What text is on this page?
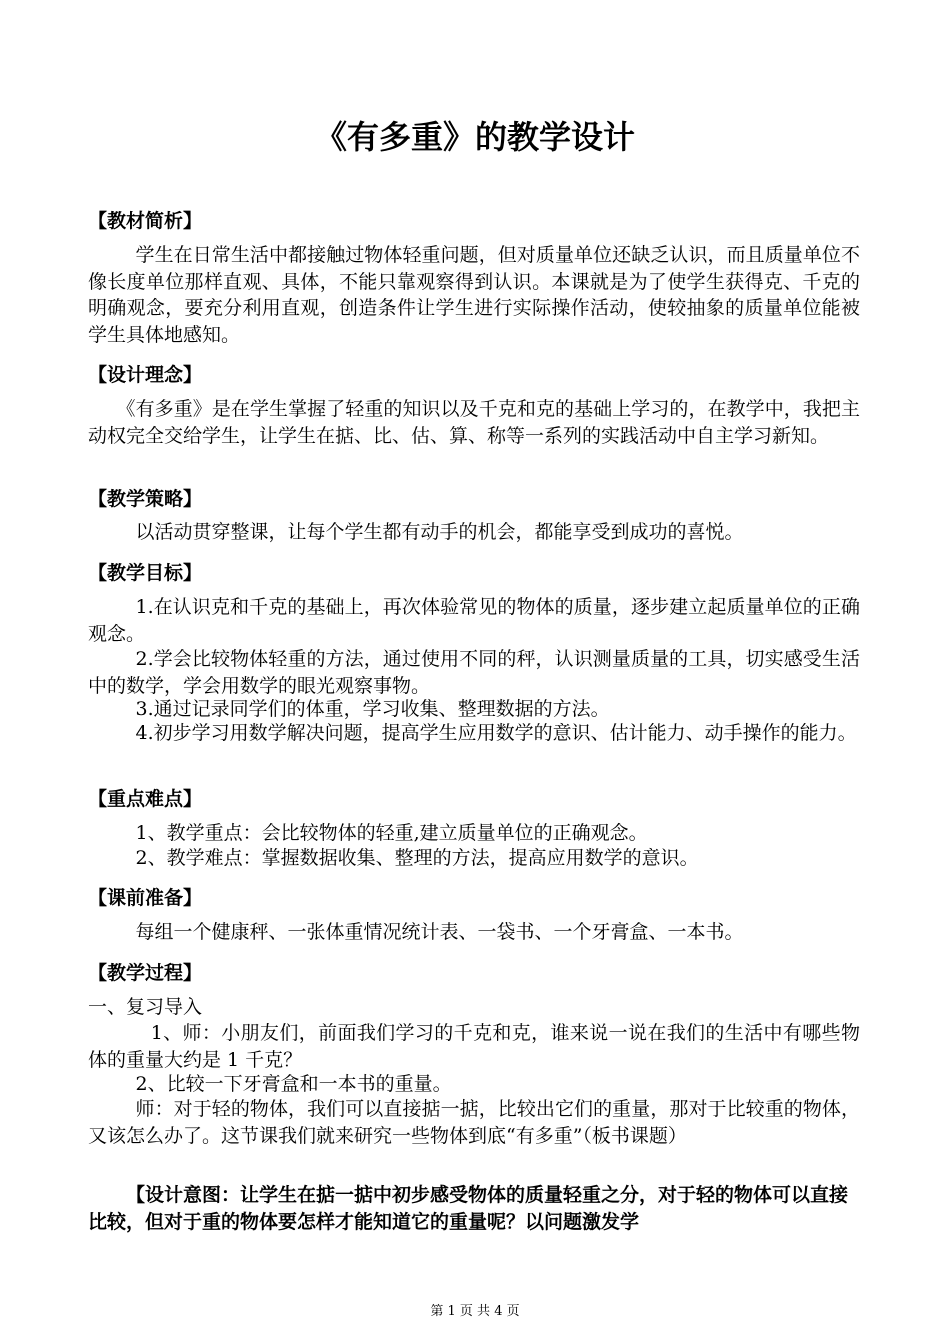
《有多重》的教学设计
【教材简析】
学生在日常生活中都接触过物体轻重问题，但对质量单位还缺乏认识，而且质量单位不像长度单位那样直观、具体，不能只靠观察得到认识。本课就是为了使学生获得克、千克的明确观念，要充分利用直观，创造条件让学生进行实际操作活动，使较抽象的质量单位能被学生具体地感知。
【设计理念】
《有多重》是在学生掌握了轻重的知识以及千克和克的基础上学习的，在教学中，我把主动权完全交给学生，让学生在掂、比、估、算、称等一系列的实践活动中自主学习新知。
【教学策略】
以活动贯穿整课，让每个学生都有动手的机会，都能享受到成功的喜悦。
【教学目标】
1.在认识克和千克的基础上，再次体验常见的物体的质量，逐步建立起质量单位的正确观念。
2.学会比较物体轻重的方法，通过使用不同的秤，认识测量质量的工具，切实感受生活中的数学，学会用数学的眼光观察事物。
3.通过记录同学们的体重，学习收集、整理数据的方法。
4.初步学习用数学解决问题，提高学生应用数学的意识、估计能力、动手操作的能力。
【重点难点】
1、教学重点：会比较物体的轻重,建立质量单位的正确观念。
2、教学难点：掌握数据收集、整理的方法，提高应用数学的意识。
【课前准备】
每组一个健康秤、一张体重情况统计表、一袋书、一个牙膏盒、一本书。
【教学过程】
一、复习导入
1、师：小朋友们，前面我们学习的千克和克，谁来说一说在我们的生活中有哪些物体的重量大约是 1 千克？
2、比较一下牙膏盒和一本书的重量。
师：对于轻的物体，我们可以直接掂一掂，比较出它们的重量，那对于比较重的物体，又该怎么办了。这节课我们就来研究一些物体到底“有多重”（板书课题）
【设计意图：让学生在掂一掂中初步感受物体的质量轻重之分，对于轻的物体可以直接比较，但对于重的物体要怎样才能知道它的重量呢？以问题激发学
第 1 页 共 4 页
